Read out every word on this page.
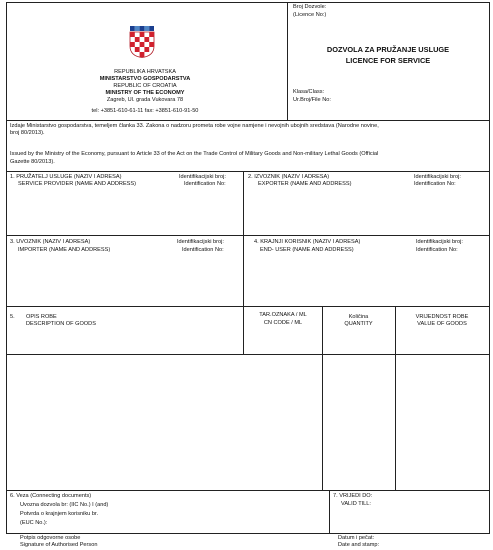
REPUBLIKA HRVATSKA
MINISTARSTVO GOSPODARSTVA
REPUBLIC OF CROATIA
MINISTRY OF THE ECONOMY
Zagreb, Ul. grada Vukovara 78
tel: +3851-610-61-11 fax: +3851-610-91-50
Broj Dozvole:
(Licence No:)
DOZVOLA ZA PRUŽANJE USLUGE
LICENCE FOR SERVICE
Klasa/Class:
Ur.Broj/File No:
Izdaje Ministarstvo gospodarstva, temeljem članka 33. Zakona o nadzoru prometa robe vojne namjene i nevojnih ubojnih sredstava (Narodne novine,
broj 80/2013).
Issued by the Ministry of the Economy, pursuant to Article 33 of the Act on the Trade Control of Military Goods and Non-military Lethal Goods (Official
Gazette 80/2013).
1. PRUŽATELJ USLUGE (NAZIV I ADRESA)
SERVICE PROVIDER (NAME AND ADDRESS)
Identifikacijski broj:
Identification No:
2. IZVOZNIK (NAZIV I ADRESA)
EXPORTER (NAME AND ADDRESS)
Identifikacijski broj:
Identification No:
3. UVOZNIK (NAZIV I ADRESA)
IMPORTER (NAME AND ADDRESS)
Identifikacijski broj:
Identification No:
4. KRAJNJI KORISNIK (NAZIV I ADRESA)
END- USER (NAME AND ADDRESS)
Identifikacijski broj:
Identification No:
5. OPIS ROBE
DESCRIPTION OF GOODS
TAR.OZNAKA / ML
CN CODE / ML
Količina
QUANTITY
VRIJEDNOST ROBE
VALUE OF GOODS
6. Veza (Connecting documents)
Uvozna dozvola br: (IIC No.) I (and)
Potvrda o krajnjem korisniku br.
(EUC No.):
7. VRIJEDI DO:
VALID TILL:
Potpis odgovorne osobe
Signature of Authorised Person
Datum i pečat:
Date and stamp:
